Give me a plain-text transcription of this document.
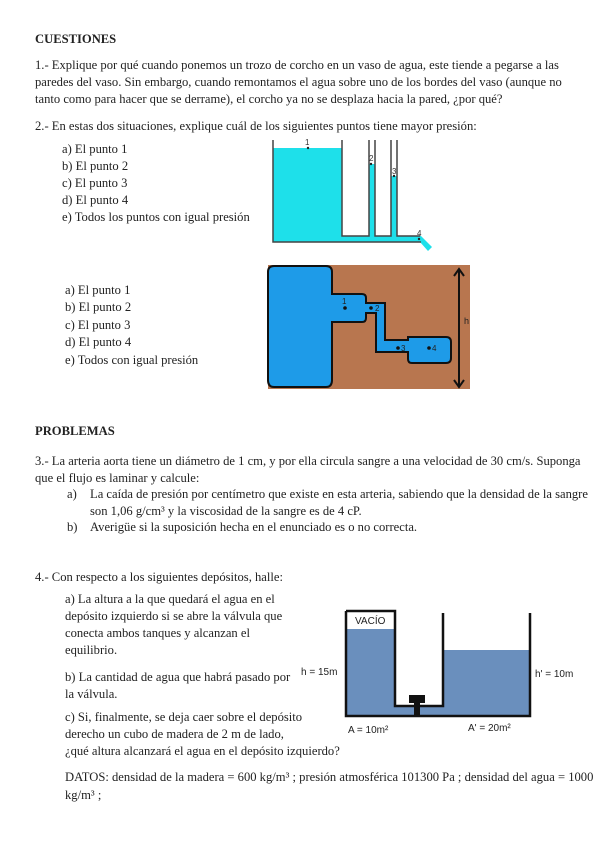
CUESTIONES
1.- Explique por qué cuando ponemos un trozo de corcho en un vaso de agua, este tiende a pegarse a las
paredes del vaso. Sin embargo, cuando remontamos el agua sobre uno de los bordes del vaso (aunque no
tanto como para hacer que se derrame), el corcho ya no se desplaza hacia la pared, ¿por qué?
2.- En estas dos situaciones, explique cuál de los siguientes puntos tiene mayor presión:
a) El punto 1
b) El punto 2
c) El punto 3
d) El punto 4
e) Todos los puntos con igual presión
1
2
3
4
1
2
3	4
h
VACÍO
h = 15m	h' = 10m
A = 10m²	A' = 20m²
a) El punto 1
b) El punto 2
c) El punto 3
d) El punto 4
e) Todos con igual presión
PROBLEMAS
3.- La arteria aorta tiene un diámetro de 1 cm, y por ella circula sangre a una velocidad de 30 cm/s. Suponga
que el flujo es laminar y calcule:
a) La caída de presión por centímetro que existe en esta arteria, sabiendo que la densidad de la sangre
son 1,06 g/cm³ y la viscosidad de la sangre es de 4 cP.
b) Averigüe si la suposición hecha en el enunciado es o no correcta.
4.- Con respecto a los siguientes depósitos, halle:
a) La altura a la que quedará el agua en el
depósito izquierdo si se abre la válvula que
conecta ambos tanques y alcanzan el
equilibrio.
b) La cantidad de agua que habrá pasado por
la válvula.
c) Si, finalmente, se deja caer sobre el depósito
derecho un cubo de madera de 2 m de lado,
¿qué altura alcanzará el agua en el depósito izquierdo?
DATOS: densidad de la madera = 600 kg/m³ ; presión atmosférica 101300 Pa ; densidad del agua = 1000
kg/m³ ;
